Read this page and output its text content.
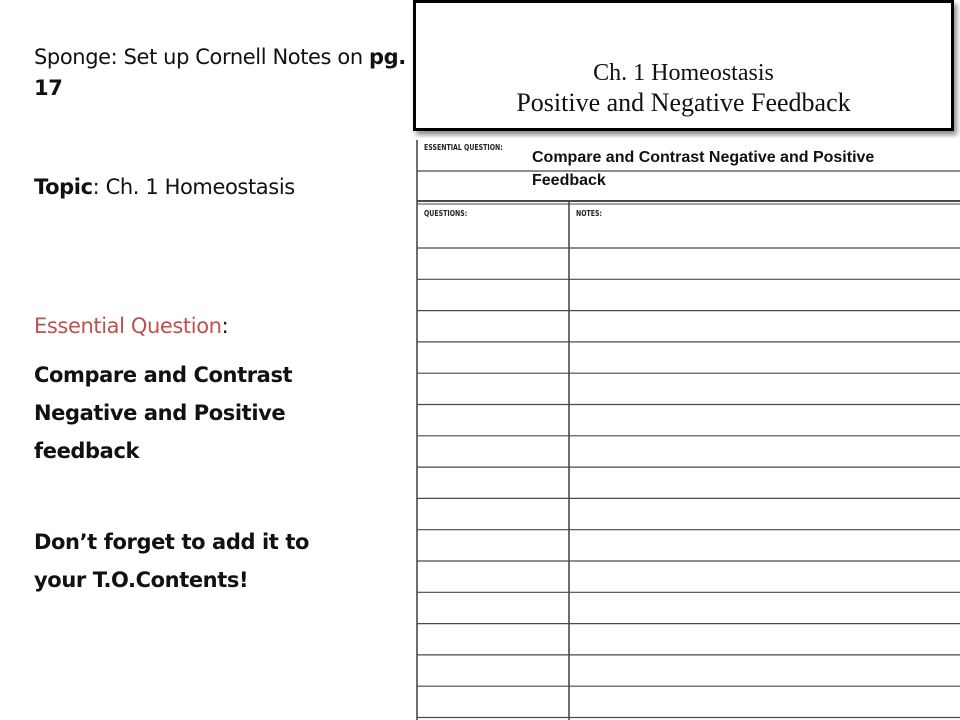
Sponge: Set up Cornell Notes on pg. 17
Topic: Ch. 1 Homeostasis
Essential Question:
Compare and Contrast Negative and Positive feedback
Don’t forget to add it to your T.O.Contents!
Ch. 1 Homeostasis
Positive and Negative Feedback
ESSENTIAL QUESTION:
Compare and Contrast Negative and Positive Feedback
QUESTIONS:	NOTES:
